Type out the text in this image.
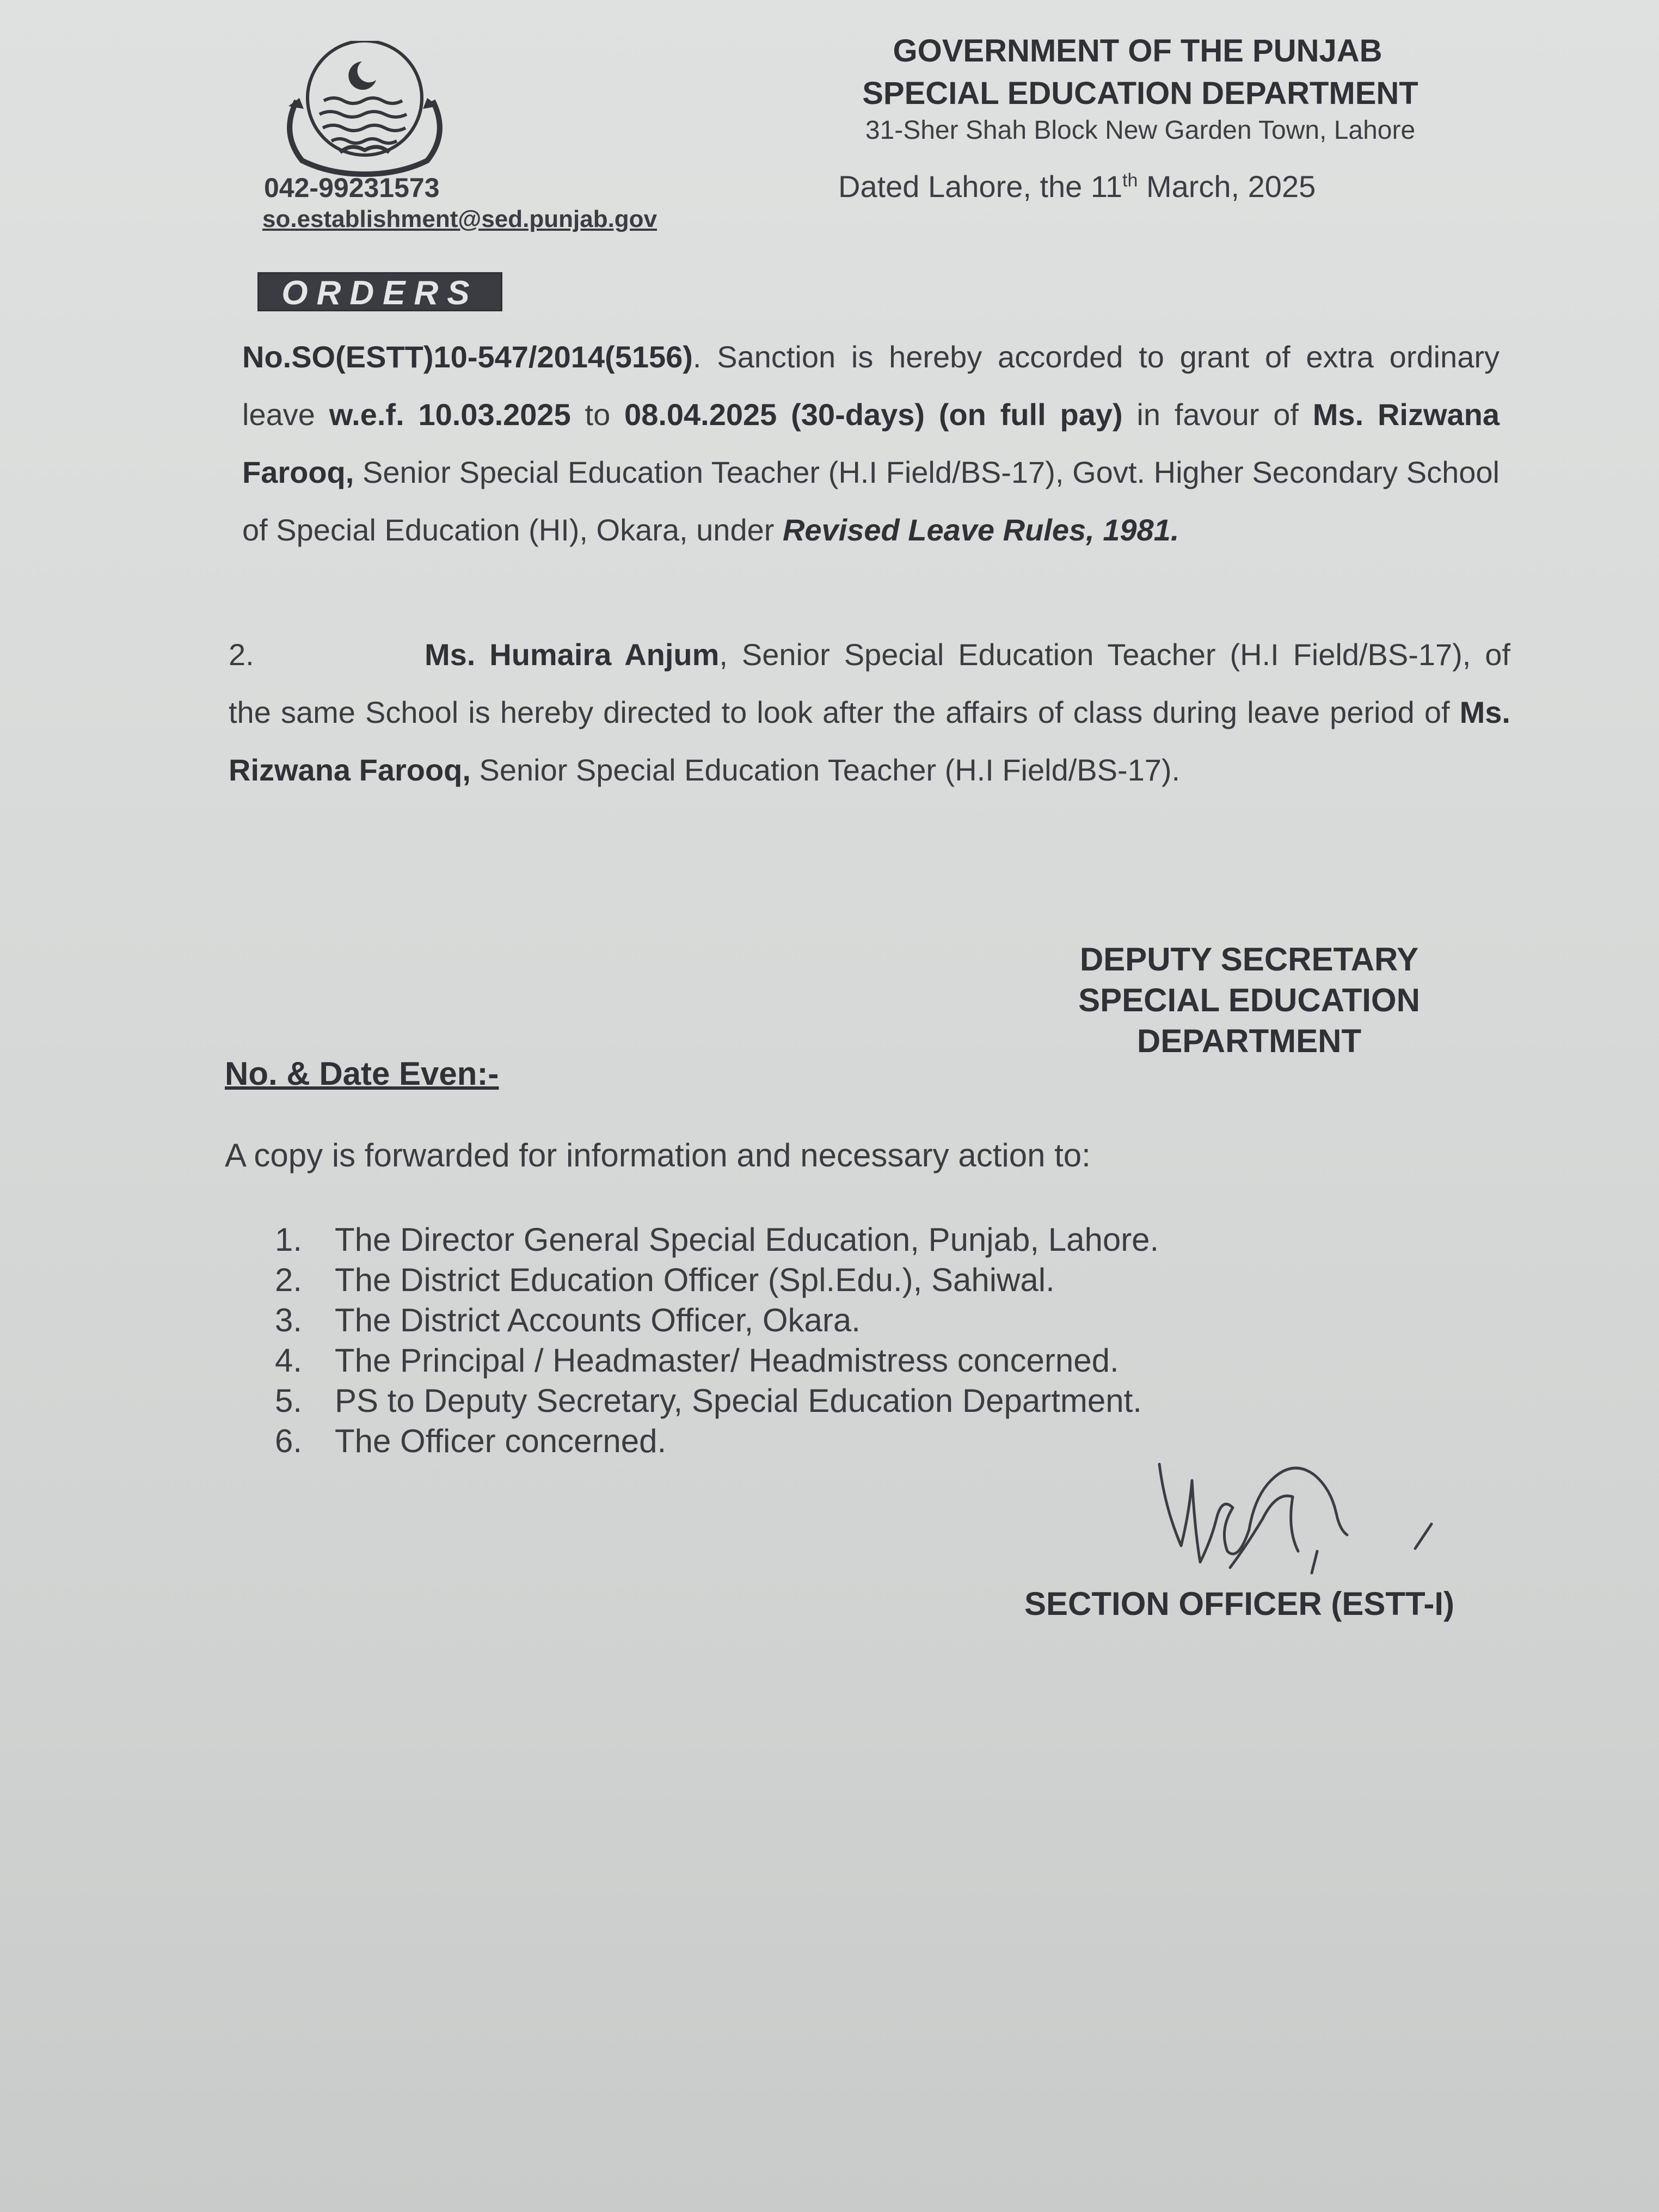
GOVERNMENT OF THE PUNJAB
SPECIAL EDUCATION DEPARTMENT
31-Sher Shah Block New Garden Town, Lahore
042-99231573
so.establishment@sed.punjab.gov
Dated Lahore, the 11th March, 2025
ORDERS
No.SO(ESTT)10-547/2014(5156). Sanction is hereby accorded to grant of extra ordinary leave w.e.f. 10.03.2025 to 08.04.2025 (30-days) (on full pay) in favour of Ms. Rizwana Farooq, Senior Special Education Teacher (H.I Field/BS-17), Govt. Higher Secondary School of Special Education (HI), Okara, under Revised Leave Rules, 1981.
2.	Ms. Humaira Anjum, Senior Special Education Teacher (H.I Field/BS-17), of the same School is hereby directed to look after the affairs of class during leave period of Ms. Rizwana Farooq, Senior Special Education Teacher (H.I Field/BS-17).
DEPUTY SECRETARY
SPECIAL EDUCATION
DEPARTMENT
No. & Date Even:-
A copy is forwarded for information and necessary action to:
1. The Director General Special Education, Punjab, Lahore.
2. The District Education Officer (Spl.Edu.), Sahiwal.
3. The District Accounts Officer, Okara.
4. The Principal / Headmaster/ Headmistress concerned.
5. PS to Deputy Secretary, Special Education Department.
6. The Officer concerned.
SECTION OFFICER (ESTT-I)
